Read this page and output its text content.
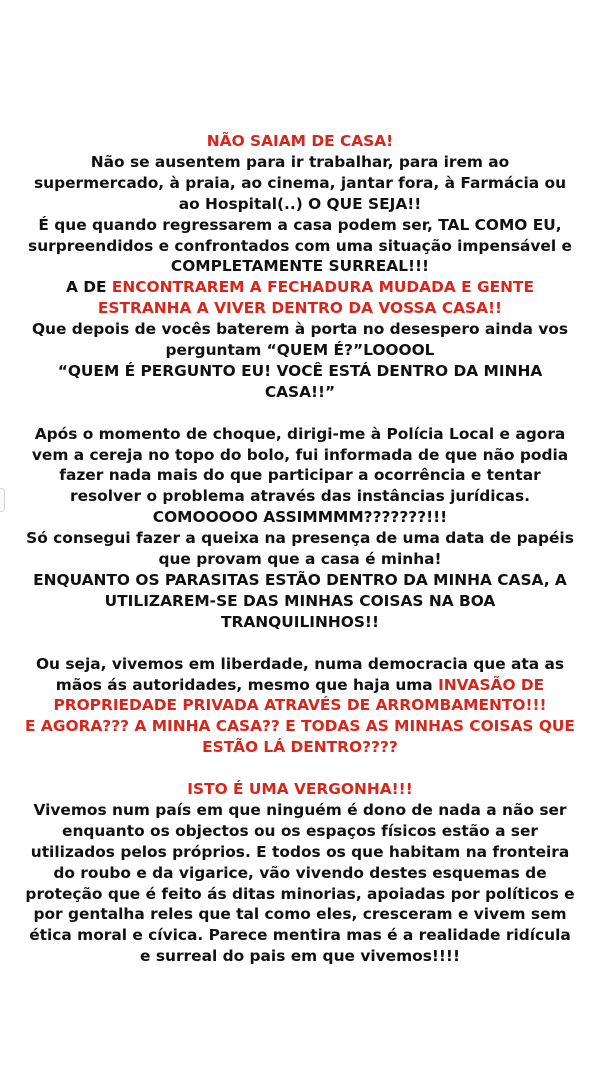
NÃO SAIAM DE CASA!

Não se ausentem para ir trabalhar, para irem ao supermercado, à praia, ao cinema, jantar fora, à Farmácia ou ao Hospital(..) O QUE SEJA!!

É que quando regressarem a casa podem ser, TAL COMO EU, surpreendidos e confrontados com uma situação impensável e COMPLETAMENTE SURREAL!!!

A DE ENCONTRAREM A FECHADURA MUDADA E GENTE ESTRANHA A VIVER DENTRO DA VOSSA CASA!!

Que depois de vocês baterem à porta no desespero ainda vos perguntam “QUEM É?”LOOOOL

“QUEM É PERGUNTO EU! VOCÊ ESTÁ DENTRO DA MINHA CASA!!”

Após o momento de choque, dirigi-me à Polícia Local e agora vem a cereja no topo do bolo, fui informada de que não podia fazer nada mais do que participar a ocorrência e tentar resolver o problema através das instâncias jurídicas.

COMOOOOO ASSIMMMM???????!!!

Só consegui fazer a queixa na presença de uma data de papéis que provam que a casa é minha!

ENQUANTO OS PARASITAS ESTÃO DENTRO DA MINHA CASA, A UTILIZAREM-SE DAS MINHAS COISAS NA BOA TRANQUILINHOS!!

Ou seja, vivemos em liberdade, numa democracia que ata as mãos ás autoridades, mesmo que haja uma INVASÃO DE PROPRIEDADE PRIVADA ATRAVÉS DE ARROMBAMENTO!!!

E AGORA??? A MINHA CASA?? E TODAS AS MINHAS COISAS QUE ESTÃO LÁ DENTRO????

ISTO É UMA VERGONHA!!!

Vivemos num país em que ninguém é dono de nada a não ser enquanto os objectos ou os espaços físicos estão a ser utilizados pelos próprios. E todos os que habitam na fronteira do roubo e da vigarice, vão vivendo destes esquemas de proteção que é feito ás ditas minorias, apoiadas por políticos e por gentalha reles que tal como eles, cresceram e vivem sem ética moral e cívica. Parece mentira mas é a realidade ridícula e surreal do pais em que vivemos!!!!
